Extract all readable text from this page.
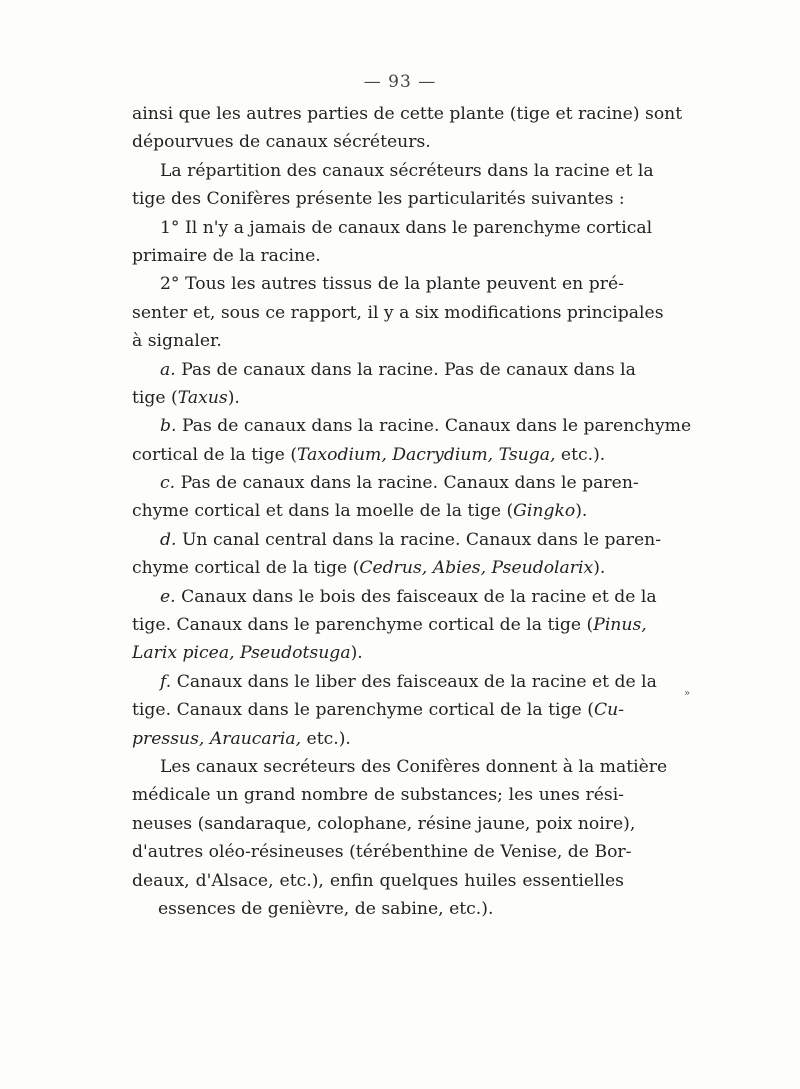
— 93 —
ainsi que les autres parties de cette plante (tige et racine) sont
dépourvues de canaux sécréteurs.
La répartition des canaux sécréteurs dans la racine et la
tige des Conifères présente les particularités suivantes :
1° Il n'y a jamais de canaux dans le parenchyme cortical
primaire de la racine.
2° Tous les autres tissus de la plante peuvent en pré-
senter et, sous ce rapport, il y a six modifications principales
à signaler.
a. Pas de canaux dans la racine. Pas de canaux dans la
tige (Taxus).
b. Pas de canaux dans la racine. Canaux dans le parenchyme
cortical de la tige (Taxodium, Dacrydium, Tsuga, etc.).
c. Pas de canaux dans la racine. Canaux dans le paren-
chyme cortical et dans la moelle de la tige (Gingko).
d. Un canal central dans la racine. Canaux dans le paren-
chyme cortical de la tige (Cedrus, Abies, Pseudolarix).
e. Canaux dans le bois des faisceaux de la racine et de la
tige. Canaux dans le parenchyme cortical de la tige (Pinus,
Larix picea, Pseudotsuga).
f. Canaux dans le liber des faisceaux de la racine et de la
tige. Canaux dans le parenchyme cortical de la tige (Cu-
pressus, Araucaria, etc.).
Les canaux secréteurs des Conifères donnent à la matière
médicale un grand nombre de substances; les unes rési-
neuses (sandaraque, colophane, résine jaune, poix noire),
d'autres oléo-résineuses (térébenthine de Venise, de Bor-
deaux, d'Alsace, etc.), enfin quelques huiles essentielles
essences de genièvre, de sabine, etc.).
»
